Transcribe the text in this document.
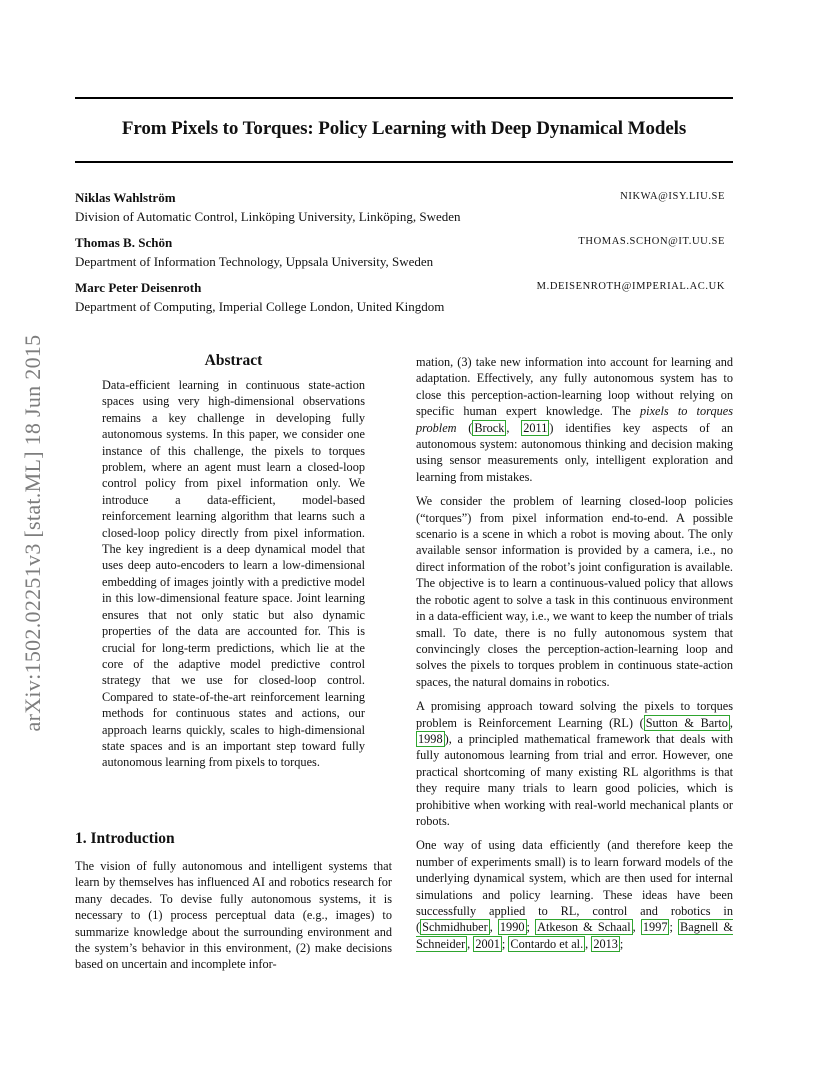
arXiv:1502.02251v3 [stat.ML] 18 Jun 2015
From Pixels to Torques: Policy Learning with Deep Dynamical Models
Niklas Wahlström	NIKWA@ISY.LIU.SE
Division of Automatic Control, Linköping University, Linköping, Sweden
Thomas B. Schön	THOMAS.SCHON@IT.UU.SE
Department of Information Technology, Uppsala University, Sweden
Marc Peter Deisenroth	M.DEISENROTH@IMPERIAL.AC.UK
Department of Computing, Imperial College London, United Kingdom
Abstract
Data-efficient learning in continuous state-action spaces using very high-dimensional observations remains a key challenge in developing fully autonomous systems. In this paper, we consider one instance of this challenge, the pixels to torques problem, where an agent must learn a closed-loop control policy from pixel information only. We introduce a data-efficient, model-based reinforcement learning algorithm that learns such a closed-loop policy directly from pixel information. The key ingredient is a deep dynamical model that uses deep auto-encoders to learn a low-dimensional embedding of images jointly with a predictive model in this low-dimensional feature space. Joint learning ensures that not only static but also dynamic properties of the data are accounted for. This is crucial for long-term predictions, which lie at the core of the adaptive model predictive control strategy that we use for closed-loop control. Compared to state-of-the-art reinforcement learning methods for continuous states and actions, our approach learns quickly, scales to high-dimensional state spaces and is an important step toward fully autonomous learning from pixels to torques.
1. Introduction

The vision of fully autonomous and intelligent systems that learn by themselves has influenced AI and robotics research for many decades. To devise fully autonomous systems, it is necessary to (1) process perceptual data (e.g., images) to summarize knowledge about the surrounding environment and the system’s behavior in this environment, (2) make decisions based on uncertain and incomplete infor-

mation, (3) take new information into account for learning and adaptation. Effectively, any fully autonomous system has to close this perception-action-learning loop without relying on specific human expert knowledge. The pixels to torques problem ( Brock , 2011 ) identifies key aspects of an autonomous system: autonomous thinking and decision making using sensor measurements only, intelligent exploration and learning from mistakes.

We consider the problem of learning closed-loop policies (“torques”) from pixel information end-to-end. A possible scenario is a scene in which a robot is moving about. The only available sensor information is provided by a camera, i.e., no direct information of the robot’s joint configuration is available. The objective is to learn a continuous-valued policy that allows the robotic agent to solve a task in this continuous environment in a data-efficient way, i.e., we want to keep the number of trials small. To date, there is no fully autonomous system that convincingly closes the perception-action-learning loop and solves the pixels to torques problem in continuous state-action spaces, the natural domains in robotics.

A promising approach toward solving the pixels to torques problem is Reinforcement Learning (RL) ( Sutton & Barto , 1998 ), a principled mathematical framework that deals with fully autonomous learning from trial and error. However, one practical shortcoming of many existing RL algorithms is that they require many trials to learn good policies, which is prohibitive when working with real-world mechanical plants or robots.

One way of using data efficiently (and therefore keep the number of experiments small) is to learn forward models of the underlying dynamical system, which are then used for internal simulations and policy learning. These ideas have been successfully applied to RL, control and robotics in ( Schmidhuber , 1990 ; Atkeson & Schaal , 1997 ; Bagnell & Schneider , 2001 ; Contardo et al. , 2013 ;
